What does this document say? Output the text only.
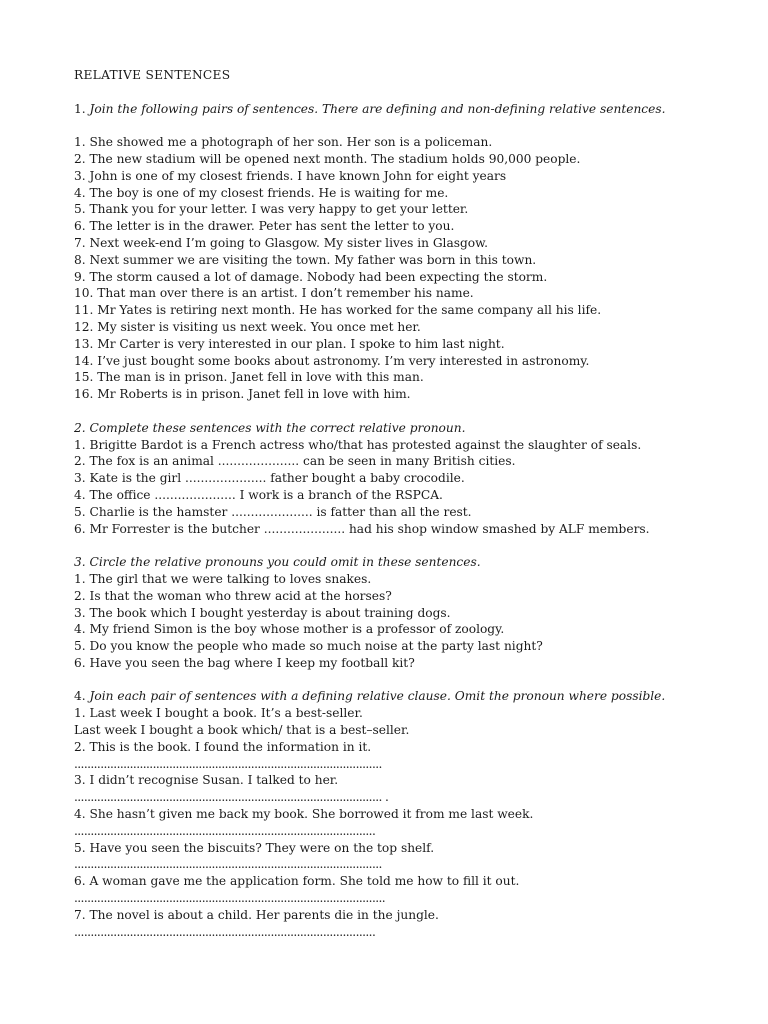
RELATIVE SENTENCES
1. Join the following pairs of sentences. There are defining and non-defining relative sentences.
1. She showed me a photograph of her son. Her son is a policeman.
2. The new stadium will be opened next month. The stadium holds 90,000 people.
3. John is one of my closest friends. I have known John for eight years
4. The boy is one of my closest friends. He is waiting for me.
5. Thank you for your letter. I was very happy to get your letter.
6. The letter is in the drawer. Peter has sent the letter to you.
7. Next week-end I’m going to Glasgow. My sister lives in Glasgow.
8. Next summer we are visiting the town. My father was born in this town.
9. The storm caused a lot of damage. Nobody had been expecting the storm.
10. That man over there is an artist. I don’t remember his name.
11. Mr Yates is retiring next month. He has worked for the same company all his life.
12. My sister is visiting us next week. You once met her.
13. Mr Carter is very interested in our plan. I spoke to him last night.
14. I’ve just bought some books about astronomy. I’m very interested in astronomy.
15. The man is in prison. Janet fell in love with this man.
16. Mr Roberts is in prison. Janet fell in love with him.
2. Complete these sentences with the correct relative pronoun.
1. Brigitte Bardot is a French actress who/that has protested against the slaughter of seals.
2. The fox is an animal ..................... can be seen in many British cities.
3. Kate is the girl ..................... father bought a baby crocodile.
4. The office ..................... I work is a branch of the RSPCA.
5. Charlie is the hamster ..................... is fatter than all the rest.
6. Mr Forrester is the butcher ..................... had his shop window smashed by ALF members.
3. Circle the relative pronouns you could omit in these sentences.
1. The girl that we were talking to loves snakes.
2. Is that the woman who threw acid at the horses?
3. The book which I bought yesterday is about training dogs.
4. My friend Simon is the boy whose mother is a professor of zoology.
5. Do you know the people who made so much noise at the party last night?
6. Have you seen the bag where I keep my football kit?
4. Join each pair of sentences with a defining relative clause. Omit the pronoun where possible.
1. Last week I bought a book. It’s a best-seller.
Last week I bought a book which/ that is a best–seller.
2. This is the book. I found the information in it.
..............................................................................................
3. I didn’t recognise Susan. I talked to her.
.............................................................................................. .
4. She hasn’t given me back my book. She borrowed it from me last week.
............................................................................................
5. Have you seen the biscuits? They were on the top shelf.
..............................................................................................
6. A woman gave me the application form. She told me how to fill it out.
...............................................................................................
7. The novel is about a child. Her parents die in the jungle.
............................................................................................
